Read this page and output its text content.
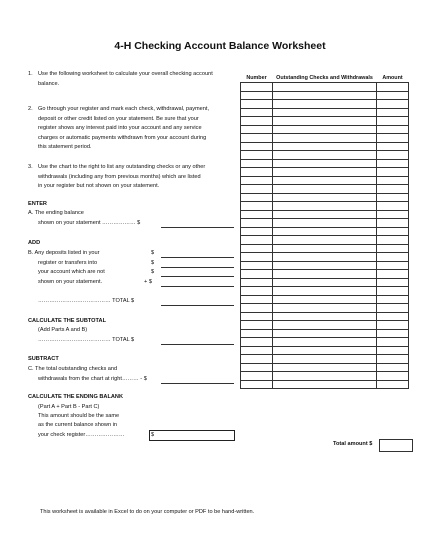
4-H Checking Account Balance Worksheet
1. Use the following worksheet to calculate your overall checking account
balance.
2. Go through your register and mark each check, withdrawal, payment,
deposit or other credit listed on your statement. Be sure that your
register shows any interest paid into your account and any service
charges or automatic payments withdrawn from your account during
this statement period.
3. Use the chart to the right to list any outstanding checks or any other
withdrawals (including any from previous months) which are listed
in your register but not shown on your statement.
ENTER
A. The ending balance
shown on your statement ……………… $
ADD
B. Any deposits listed in your	$
register or transfers into	$
your account which are not	$
shown on your statement.	+ $
………………………………… TOTAL $
CALCULATE THE SUBTOTAL
(Add Parts A and B)
………………………………… TOTAL $
SUBTRACT
C. The total outstanding checks and
withdrawals from the chart at right……… - $
CALCULATE THE ENDING BALANK
(Part A + Part B - Part C)
This amount should be the same
as the current balance shown in
your check register…………………	$
Number	Outstanding Checks and Withdrawals	Amount

Total amount $
This worksheet is available in Excel to do on your computer or PDF to be hand-written.
